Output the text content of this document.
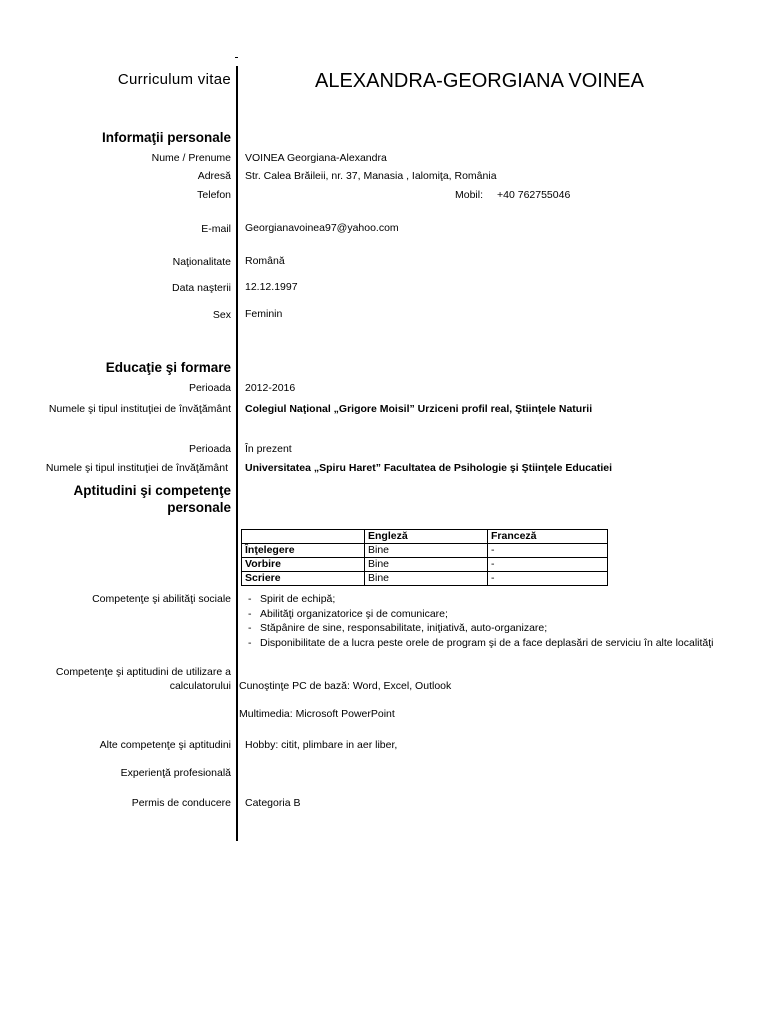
Curriculum vitae	ALEXANDRA-GEORGIANA VOINEA
Informaţii personale
Nume / Prenume VOINEA Georgiana-Alexandra
Adresă Str. Calea Brăileii, nr. 37, Manasia , Ialomiţa, România
Telefon	Mobil: +40 762755046
E-mail Georgianavoinea97@yahoo.com
Naţionalitate Română
Data naşterii 12.12.1997
Sex Feminin
Educaţie şi formare
Perioada 2012-2016
Numele şi tipul instituţiei de învăţământ Colegiul Naţional „Grigore Moisil” Urziceni profil real, Ştiinţele Naturii
Perioada În prezent
Numele şi tipul instituţiei de învăţământ Universitatea „Spiru Haret” Facultatea de Psihologie şi Ştiinţele Educatiei
Aptitudini şi competenţe
personale
	Engleză	Franceză
Înţelegere	Bine	-
Vorbire	Bine	-
Scriere	Bine	-
Competenţe şi abilităţi sociale - Spirit de echipă;
- Abilităţi organizatorice şi de comunicare;
- Stăpânire de sine, responsabilitate, iniţiativă, auto-organizare;
- Disponibilitate de a lucra peste orele de program şi de a face deplasări de serviciu în alte localităţi
Competenţe şi aptitudini de utilizare a
calculatorului Cunoştinţe PC de bază: Word, Excel, Outlook
Multimedia: Microsoft PowerPoint
Alte competenţe şi aptitudini Hobby: citit, plimbare in aer liber,
Experienţă profesională
Permis de conducere Categoria B
